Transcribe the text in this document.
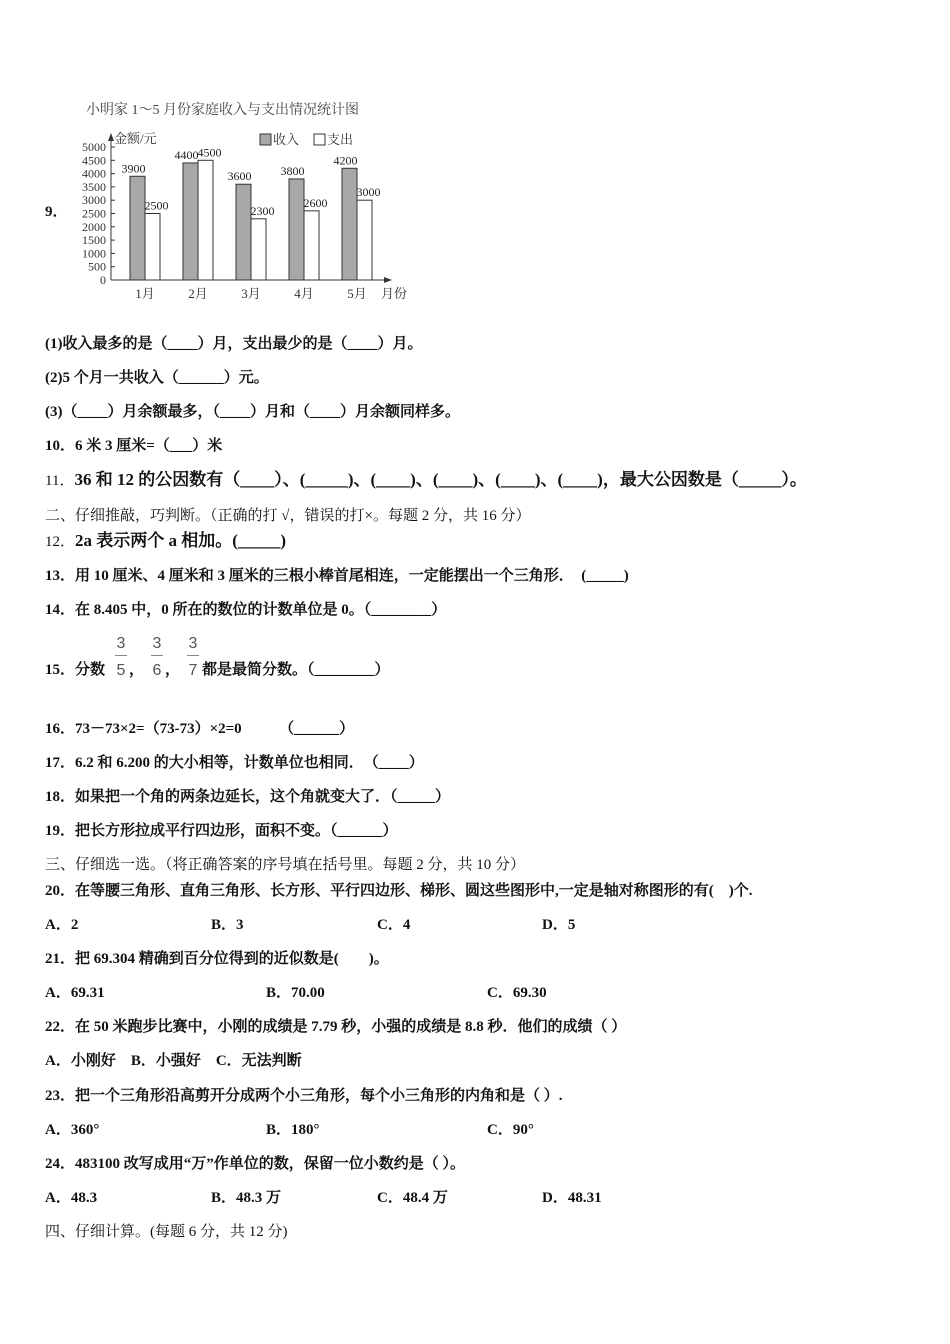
9．
小明家 1～5 月份家庭收入与支出情况统计图
金额/元	收入 支出
月份
0
500
1000
1500
2000
2500
3000
3500
4000
4500
5000
3900
2500
1月
4400 4500
2月
3600
2300
3月
3800
2600
4月
4200
3000
5月
(1)收入最多的是（____）月，支出最少的是（____）月。
(2)5 个月一共收入（______）元。
(3)（____）月余额最多，（____）月和（____）月余额同样多。
10．6 米 3 厘米=（___）米
11．36 和 12 的公因数有（____）、(_____)、(____)、(____)、(____)、(____)，最大公因数是（_____）。
二、仔细推敲，巧判断。（正确的打 √，错误的打×。每题 2 分，共 16 分）
12．2a 表示两个 a 相加。(_____)
13．用 10 厘米、4 厘米和 3 厘米的三根小棒首尾相连，一定能摆出一个三角形．　(_____)
14．在 8.405 中，0 所在的数位的计数单位是 0。（________）
15．分数
3
5 ，
3
6 ，
3
7 都是最简分数。（________）
16．73－73×2=（73-73）×2=0　　　（______）
17．6.2 和 6.200 的大小相等，计数单位也相同．　（____）
18．如果把一个角的两条边延长，这个角就变大了．（_____）
19．把长方形拉成平行四边形，面积不变。（______）
三、仔细选一选。（将正确答案的序号填在括号里。每题 2 分，共 10 分）
20．在等腰三角形、直角三角形、长方形、平行四边形、梯形、圆这些图形中,一定是轴对称图形的有(　)个.
A．2	B．3	C．4	D．5
21．把 69.304 精确到百分位得到的近似数是(　　)。
A．69.31	B．70.00	C．69.30
22．在 50 米跑步比赛中，小刚的成绩是 7.79 秒，小强的成绩是 8.8 秒．他们的成绩（ ）
A．小刚好　B．小强好　C．无法判断
23．把一个三角形沿高剪开分成两个小三角形，每个小三角形的内角和是（ ）.
A．360°	B．180°	C．90°
24．483100 改写成用“万”作单位的数，保留一位小数约是（ ）。
A．48.3	B．48.3 万	C．48.4 万	D．48.31
四、仔细计算。(每题 6 分，共 12 分)
